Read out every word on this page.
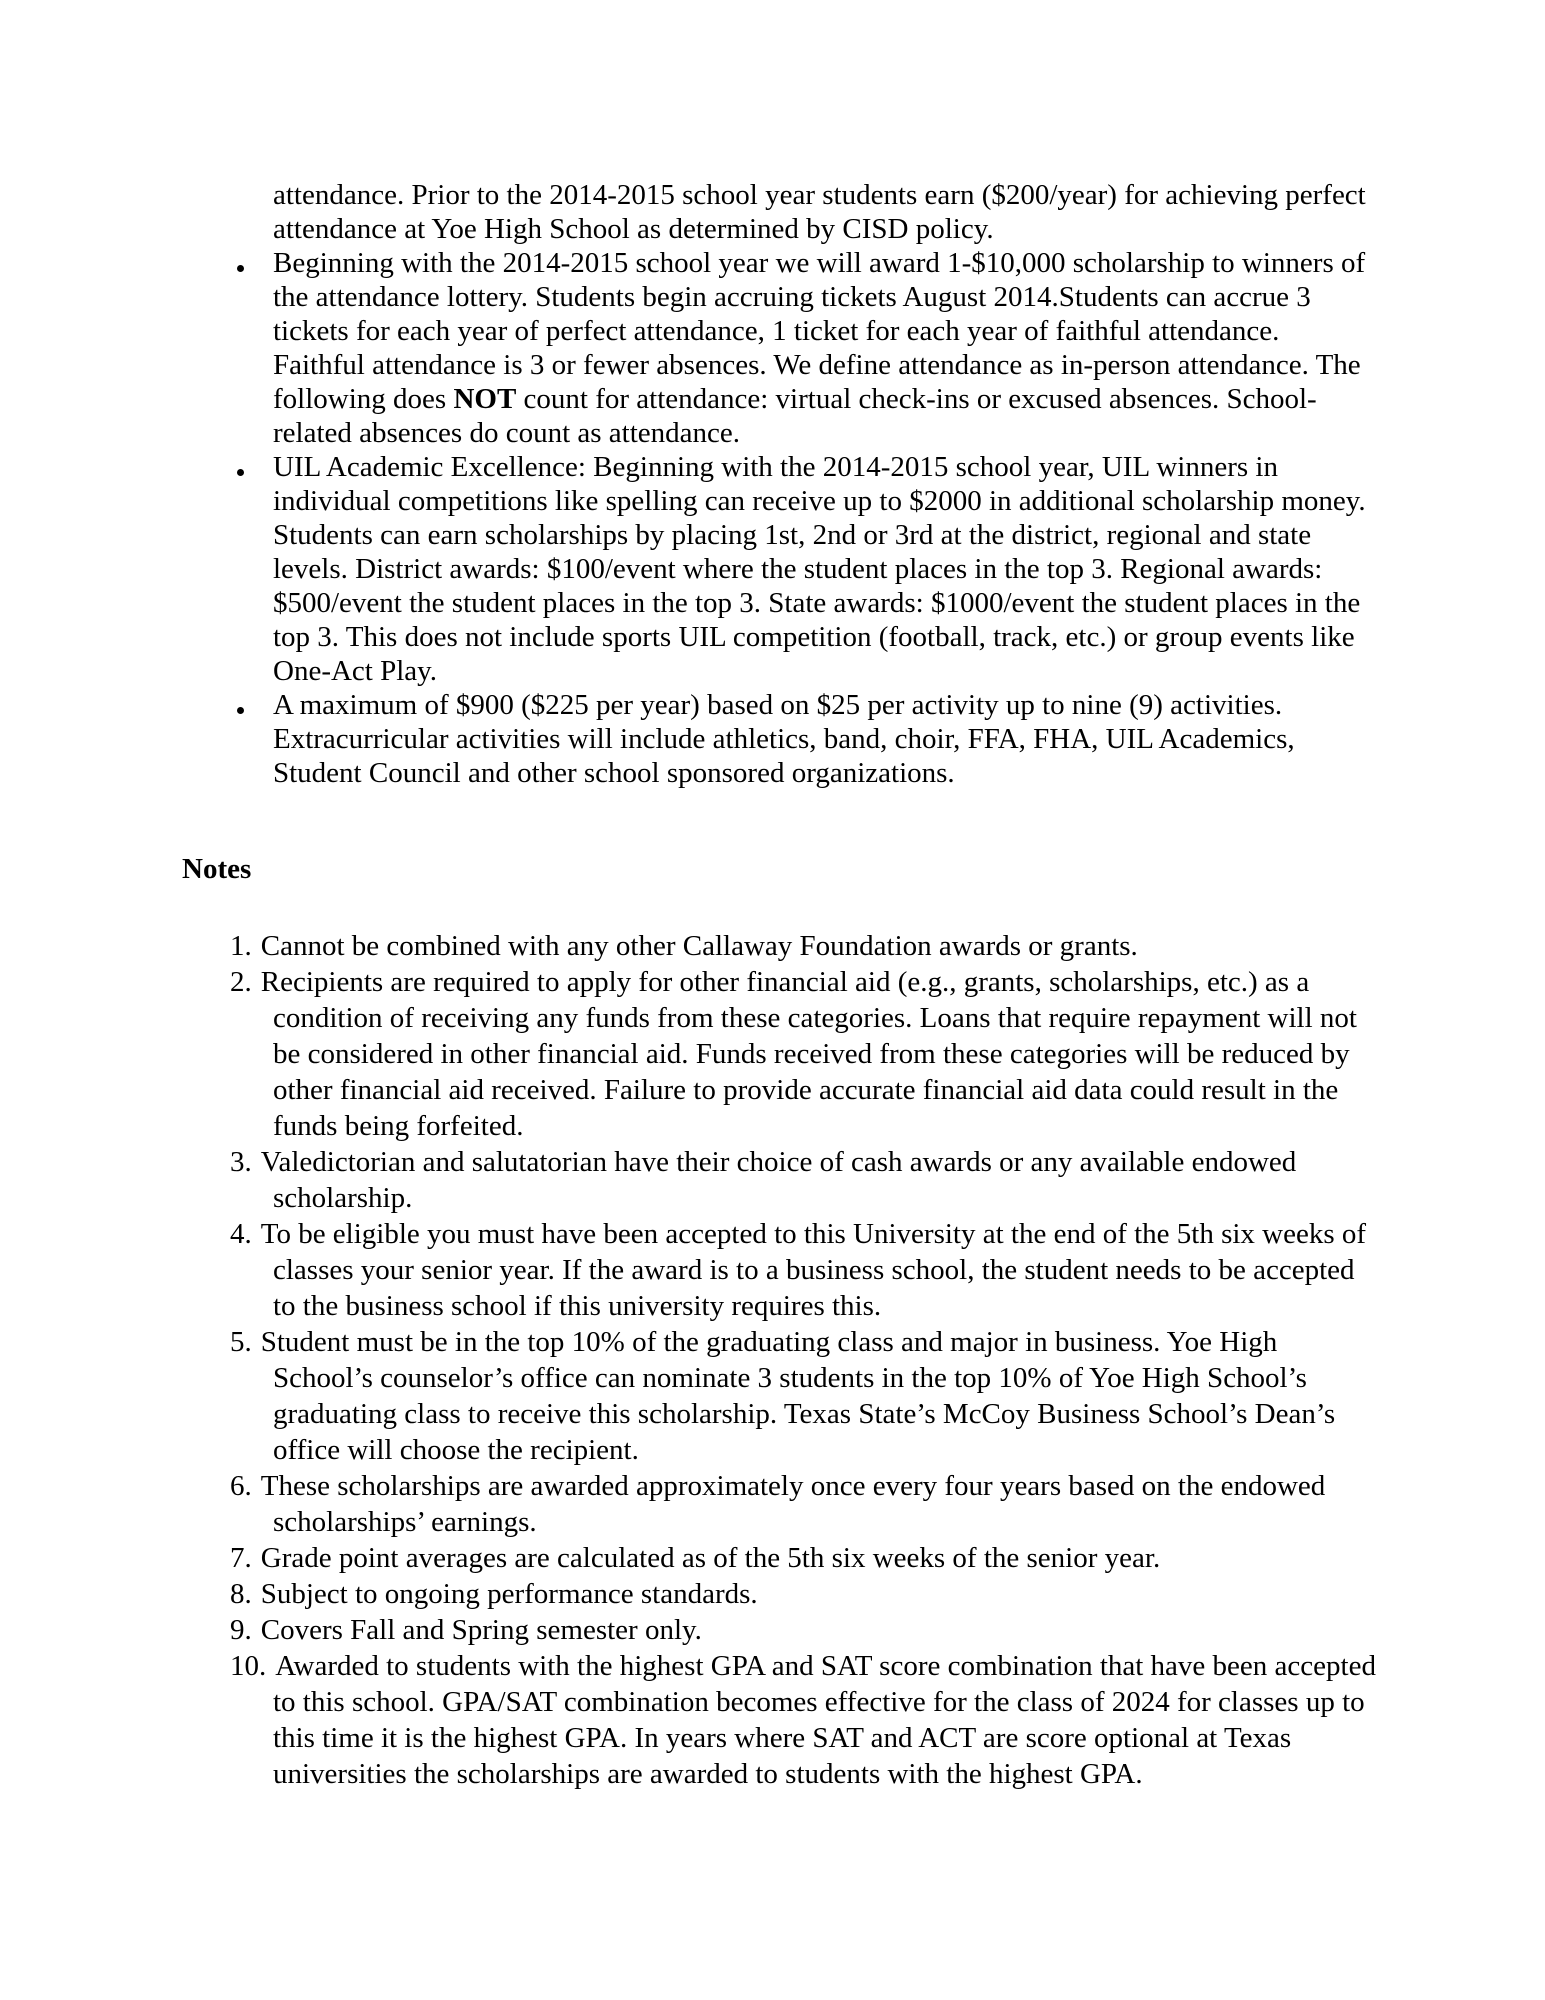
attendance. Prior to the 2014-2015 school year students earn ($200/year) for achieving perfect attendance at Yoe High School as determined by CISD policy.

Beginning with the 2014-2015 school year we will award 1-$10,000 scholarship to winners of the attendance lottery. Students begin accruing tickets August 2014.Students can accrue 3 tickets for each year of perfect attendance, 1 ticket for each year of faithful attendance. Faithful attendance is 3 or fewer absences. We define attendance as in-person attendance. The following does NOT count for attendance: virtual check-ins or excused absences. School-related absences do count as attendance.
UIL Academic Excellence: Beginning with the 2014-2015 school year, UIL winners in individual competitions like spelling can receive up to $2000 in additional scholarship money. Students can earn scholarships by placing 1st, 2nd or 3rd at the district, regional and state levels. District awards: $100/event where the student places in the top 3. Regional awards: $500/event the student places in the top 3. State awards: $1000/event the student places in the top 3. This does not include sports UIL competition (football, track, etc.) or group events like One-Act Play.
A maximum of $900 ($225 per year) based on $25 per activity up to nine (9) activities. Extracurricular activities will include athletics, band, choir, FFA, FHA, UIL Academics, Student Council and other school sponsored organizations.
Notes

1. Cannot be combined with any other Callaway Foundation awards or grants.

2. Recipients are required to apply for other financial aid (e.g., grants, scholarships, etc.) as a condition of receiving any funds from these categories. Loans that require repayment will not be considered in other financial aid. Funds received from these categories will be reduced by other financial aid received. Failure to provide accurate financial aid data could result in the funds being forfeited.

3. Valedictorian and salutatorian have their choice of cash awards or any available endowed scholarship.

4. To be eligible you must have been accepted to this University at the end of the 5th six weeks of classes your senior year. If the award is to a business school, the student needs to be accepted to the business school if this university requires this.

5. Student must be in the top 10% of the graduating class and major in business. Yoe High School’s counselor’s office can nominate 3 students in the top 10% of Yoe High School’s graduating class to receive this scholarship. Texas State’s McCoy Business School’s Dean’s office will choose the recipient.

6. These scholarships are awarded approximately once every four years based on the endowed scholarships’ earnings.

7. Grade point averages are calculated as of the 5th six weeks of the senior year.

8. Subject to ongoing performance standards.

9. Covers Fall and Spring semester only.

10. Awarded to students with the highest GPA and SAT score combination that have been accepted to this school. GPA/SAT combination becomes effective for the class of 2024 for classes up to this time it is the highest GPA. In years where SAT and ACT are score optional at Texas universities the scholarships are awarded to students with the highest GPA.
